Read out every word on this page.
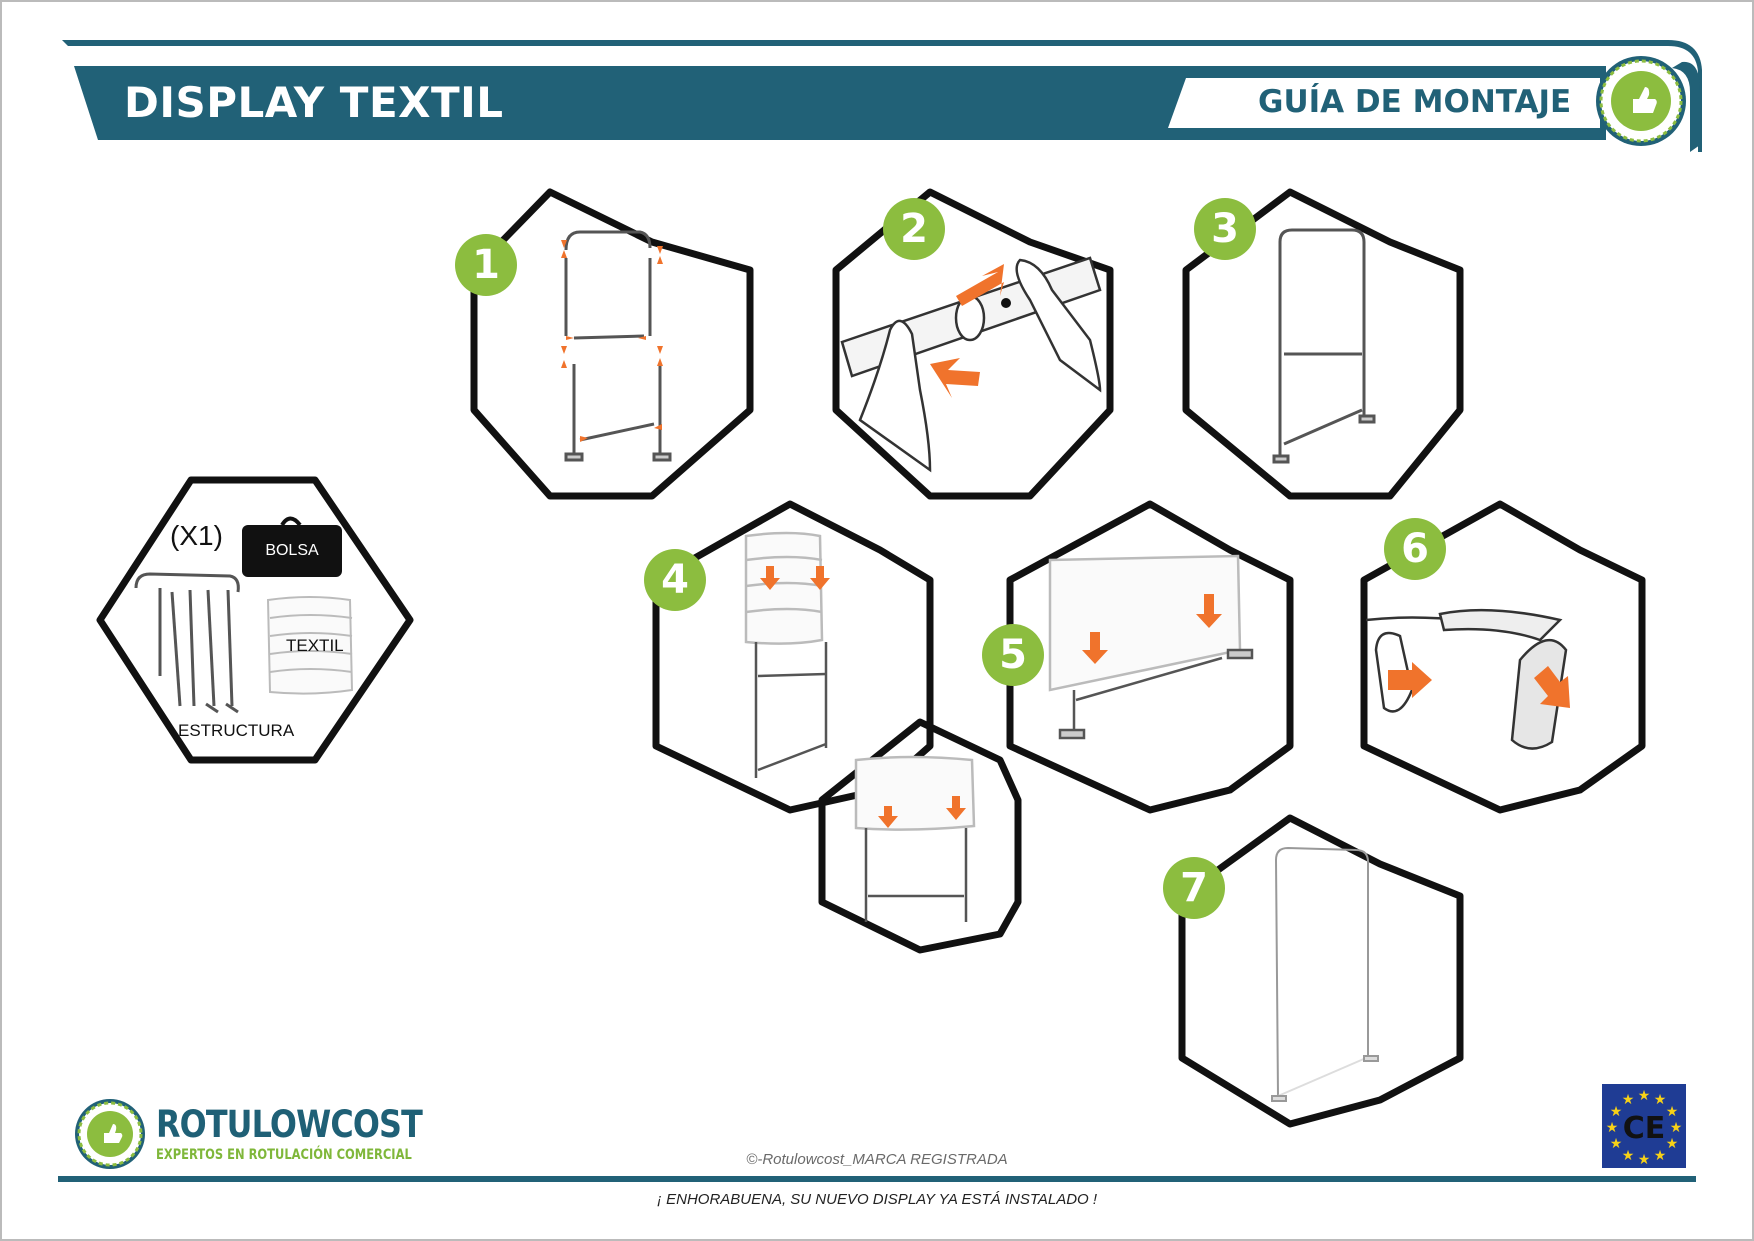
★ ★
★
★
★
★
★
★
★
★
★
★
CE
DISPLAY TEXTIL	GUÍA DE MONTAJE
(X1)	BOLSA
TEXTIL
ESTRUCTURA
1
2	3
4
5
6
7
ROTULOWCOST
EXPERTOS EN ROTULACIÓN COMERCIAL	©-Rotulowcost_MARCA REGISTRADA
¡ ENHORABUENA, SU NUEVO DISPLAY YA ESTÁ INSTALADO !
